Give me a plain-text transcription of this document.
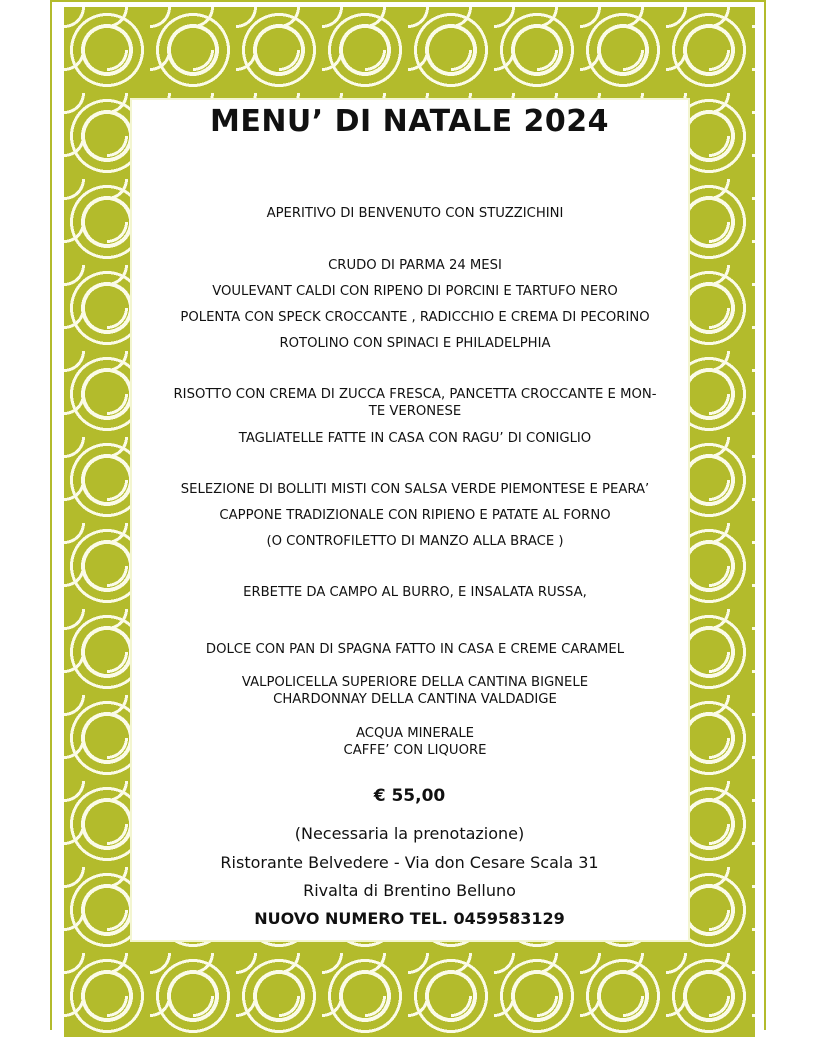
MENU’ DI NATALE 2024
APERITIVO DI BENVENUTO CON STUZZICHINI
CRUDO DI PARMA 24 MESI
VOULEVANT CALDI CON RIPENO DI PORCINI E TARTUFO NERO
POLENTA CON SPECK CROCCANTE , RADICCHIO E CREMA DI PECORINO
ROTOLINO CON SPINACI E PHILADELPHIA
RISOTTO CON CREMA DI ZUCCA FRESCA, PANCETTA CROCCANTE E MON-
TE VERONESE
TAGLIATELLE FATTE IN CASA CON RAGU’ DI CONIGLIO
SELEZIONE DI BOLLITI MISTI CON SALSA VERDE PIEMONTESE E PEARA’
CAPPONE TRADIZIONALE CON RIPIENO E PATATE AL FORNO
(O CONTROFILETTO DI MANZO ALLA BRACE )
ERBETTE DA CAMPO AL BURRO, E INSALATA RUSSA,
DOLCE CON PAN DI SPAGNA FATTO IN CASA E CREME CARAMEL
VALPOLICELLA SUPERIORE DELLA CANTINA BIGNELE
CHARDONNAY DELLA CANTINA VALDADIGE
ACQUA MINERALE
CAFFE’ CON LIQUORE
€ 55,00
(Necessaria la prenotazione)
Ristorante Belvedere - Via don Cesare Scala 31
Rivalta di Brentino Belluno
NUOVO NUMERO TEL. 0459583129
